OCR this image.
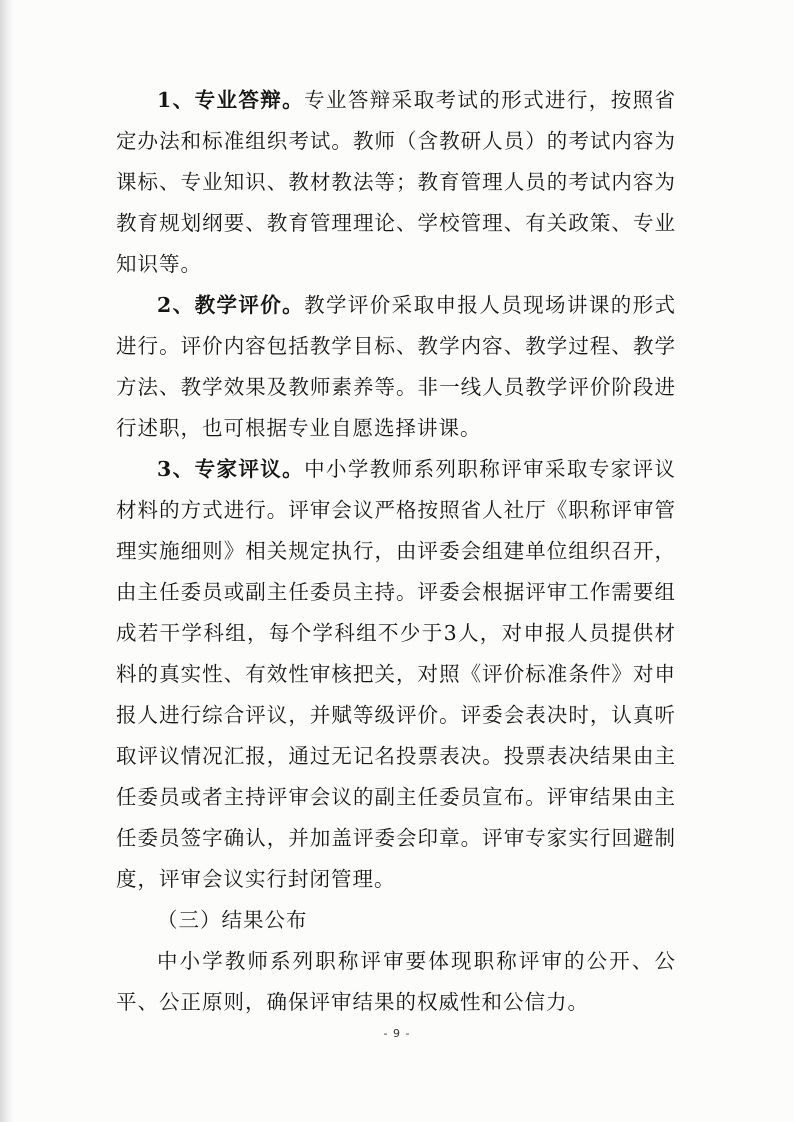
1、专业答辩。专业答辩采取考试的形式进行，按照省定办法和标准组织考试。教师（含教研人员）的考试内容为课标、专业知识、教材教法等；教育管理人员的考试内容为教育规划纲要、教育管理理论、学校管理、有关政策、专业知识等。

2、教学评价。教学评价采取申报人员现场讲课的形式进行。评价内容包括教学目标、教学内容、教学过程、教学方法、教学效果及教师素养等。非一线人员教学评价阶段进行述职，也可根据专业自愿选择讲课。

3、专家评议。中小学教师系列职称评审采取专家评议材料的方式进行。评审会议严格按照省人社厅《职称评审管理实施细则》相关规定执行，由评委会组建单位组织召开，由主任委员或副主任委员主持。评委会根据评审工作需要组成若干学科组，每个学科组不少于3人，对申报人员提供材料的真实性、有效性审核把关，对照《评价标准条件》对申报人进行综合评议，并赋等级评价。评委会表决时，认真听取评议情况汇报，通过无记名投票表决。投票表决结果由主任委员或者主持评审会议的副主任委员宣布。评审结果由主任委员签字确认，并加盖评委会印章。评审专家实行回避制度，评审会议实行封闭管理。

（三）结果公布

中小学教师系列职称评审要体现职称评审的公开、公平、公正原则，确保评审结果的权威性和公信力。

- 9 -
